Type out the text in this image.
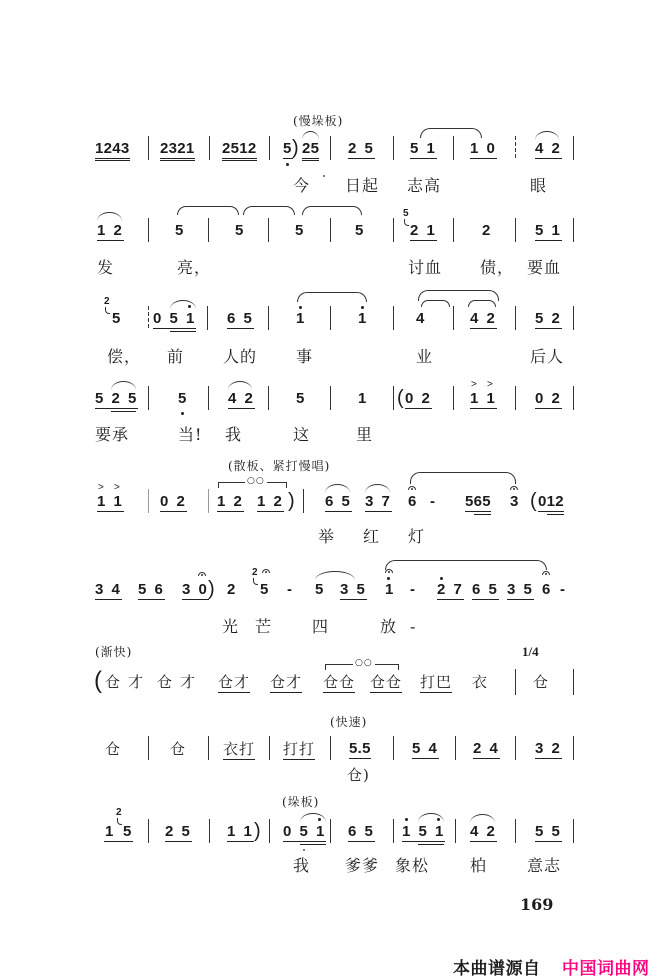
(慢垛板)
1243 2321 2512 5
) 25 2 5 5 1 1 0	4 2
今 日起 志高	眼
1 2	5	5	5	5
5
2 1	2	5 1
发	亮，	讨血 债， 要血
2
5 0 5 1 6 5	1	1	4	4 2	5 2
偿， 前 人的 事	业	后人
5 2 5	5	4 2	5	1 ( 0 2
>
>	1 1	0 2
要承	当! 我	这	里
(散板、紧打慢唱)
>
>
1 1 0 2
○○
1 2 1 2 ) 6 5 3 7 6 - 565 3 ( 012
举 红 灯
3 4 5 6 3 0 ) 2
2
5 - 5 3 5 1 - 2 7 6 5 3 5 6 -
光 芒 四	放 -
(渐快)	1/4
( 仓 才 仓 才 仓才 仓才
○○
仓仓 仓仓 打巴 衣	仓
(快速)
仓	仓 衣打 打打 5.5	5 4 2 4 3 2
仓)
(垛板)
1
2
5 2 5 1 1 ) 0 5 1 6 5 1 5 1 4 2	5 5
我 爹爹 象松	柏 意志
169
本曲谱源自 中国词曲网
